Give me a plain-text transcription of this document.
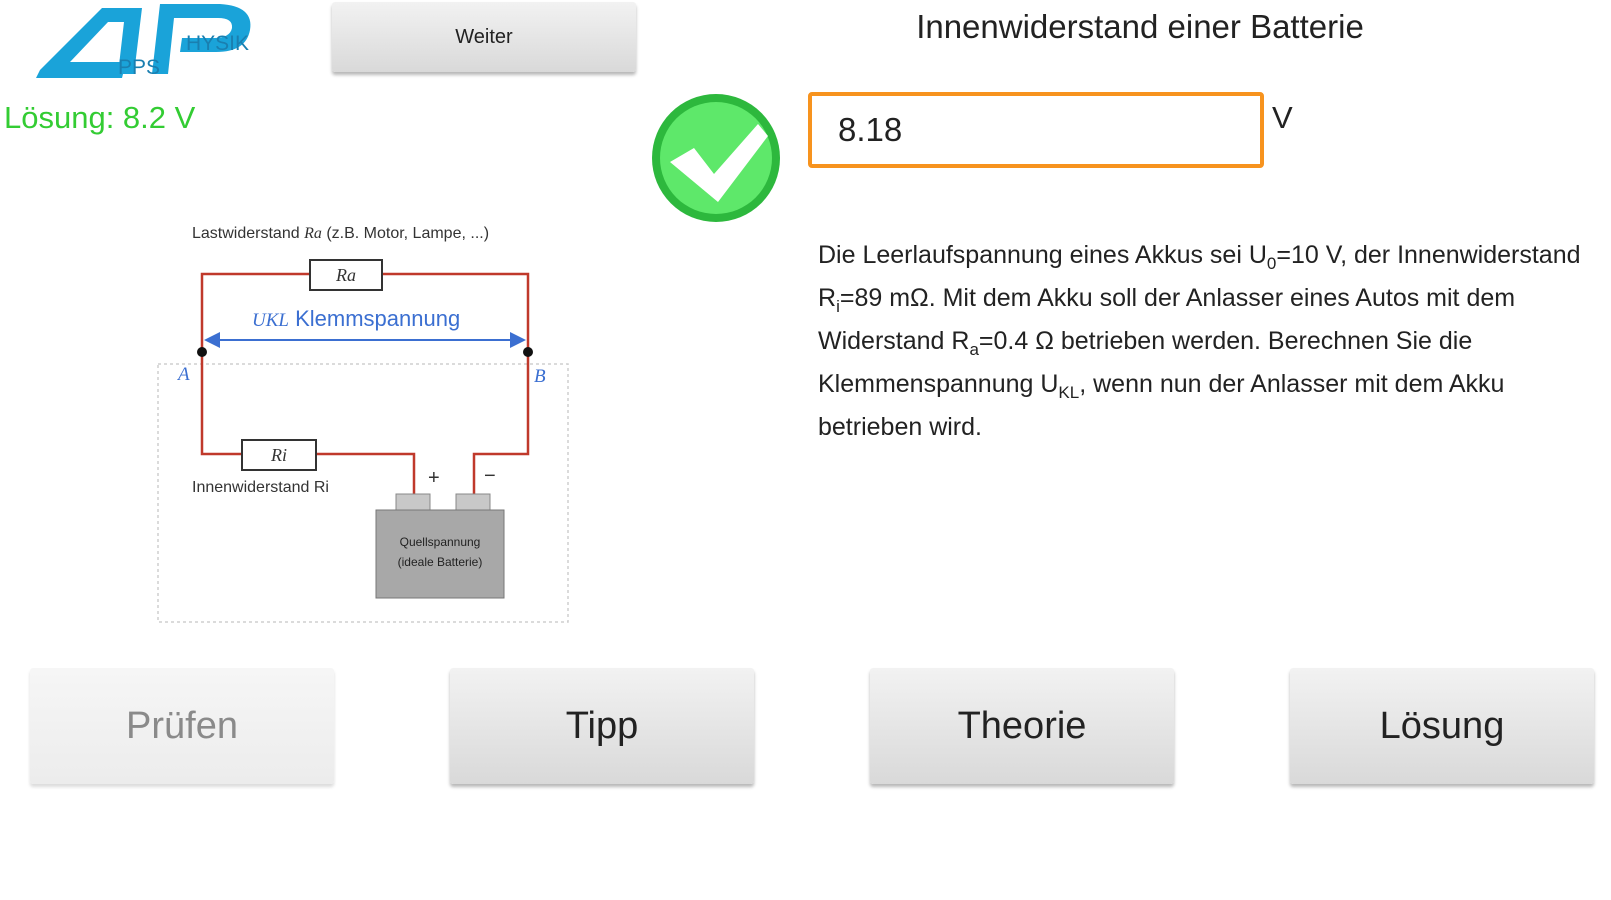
PPS
HYSIK	Weiter	Innenwiderstand einer Batterie
Lösung: 8.2 V
8.18	V
Die Leerlaufspannung eines Akkus sei $U_0=10$ V, der Innenwiderstand $R_i=89$ mΩ. Mit dem Akku soll der Anlasser eines Autos mit dem Widerstand $R_a=0.4$ Ω betrieben werden. Berechnen Sie die Klemmenspannung $U_{KL}$, wenn nun der Anlasser mit dem Akku betrieben wird.
Ra
Lastwiderstand Ra (z.B. Motor, Lampe, ...)
UKL Klemmspannung
A	B
Ri
Innenwiderstand Ri	+ −
Quellspannung
(ideale Batterie)
Prüfen	Tipp	Theorie	Lösung
